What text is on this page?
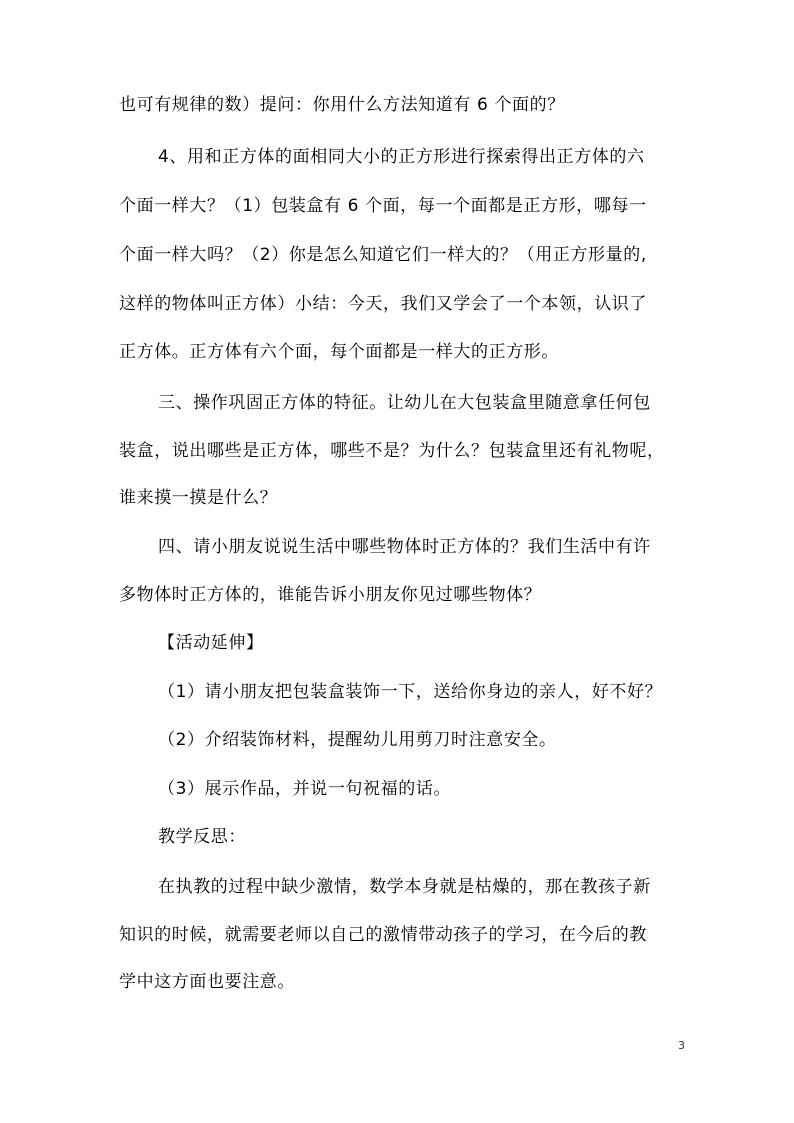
也可有规律的数）提问：你用什么方法知道有 6 个面的？
4、用和正方体的面相同大小的正方形进行探索得出正方体的六
个面一样大？（1）包装盒有 6 个面，每一个面都是正方形，哪每一
个面一样大吗？（2）你是怎么知道它们一样大的？（用正方形量的,
这样的物体叫正方体）小结：今天，我们又学会了一个本领，认识了
正方体。正方体有六个面，每个面都是一样大的正方形。
三、操作巩固正方体的特征。让幼儿在大包装盒里随意拿任何包
装盒，说出哪些是正方体，哪些不是？为什么？包装盒里还有礼物呢，
谁来摸一摸是什么？
四、请小朋友说说生活中哪些物体时正方体的？我们生活中有许
多物体时正方体的，谁能告诉小朋友你见过哪些物体？
【活动延伸】
（1）请小朋友把包装盒装饰一下，送给你身边的亲人，好不好？
（2）介绍装饰材料，提醒幼儿用剪刀时注意安全。
（3）展示作品，并说一句祝福的话。
教学反思：
在执教的过程中缺少激情，数学本身就是枯燥的，那在教孩子新
知识的时候，就需要老师以自己的激情带动孩子的学习，在今后的教
学中这方面也要注意。
3
